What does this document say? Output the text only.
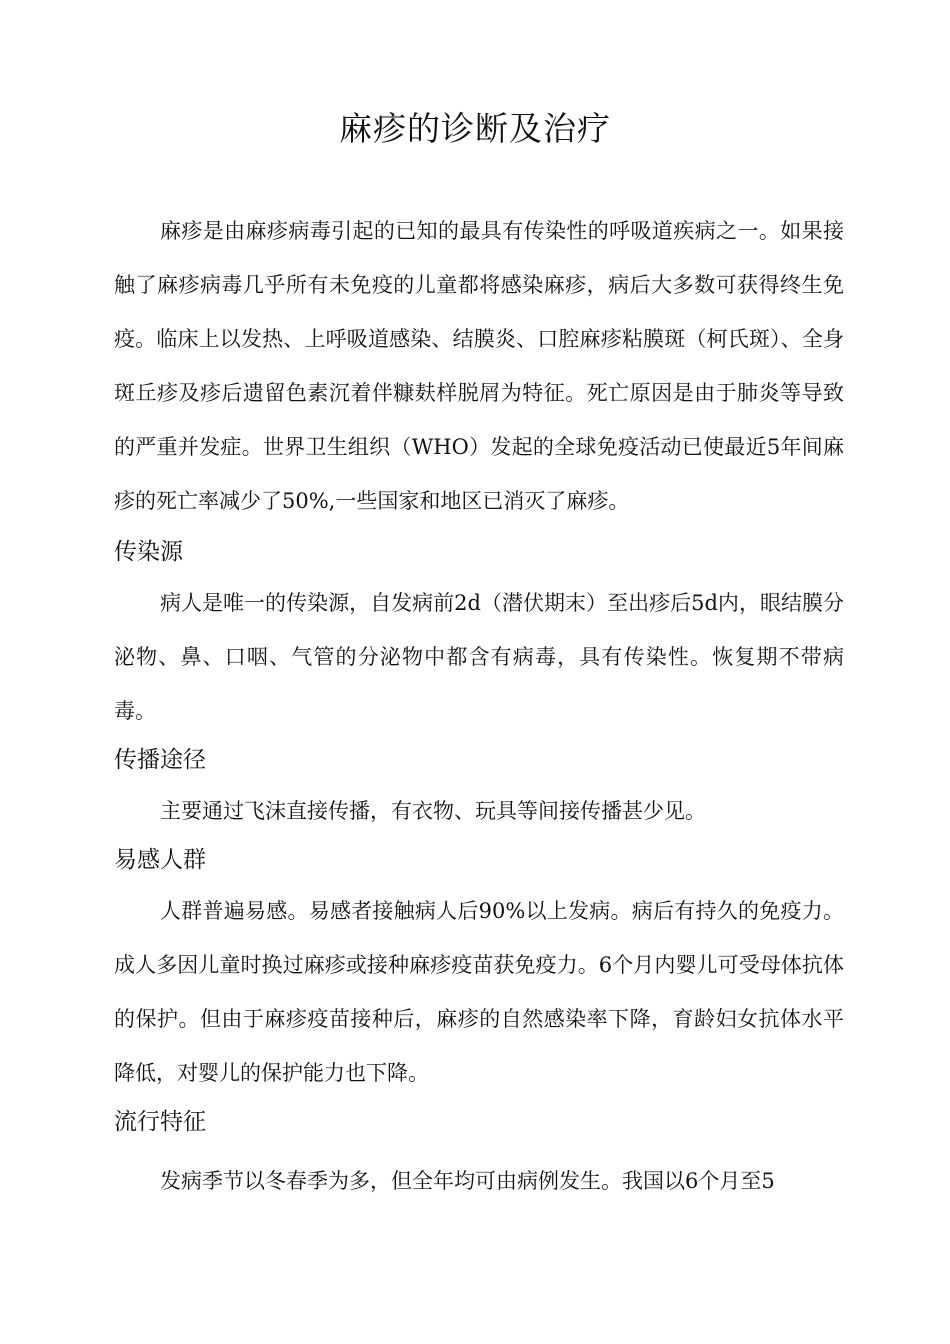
麻疹的诊断及治疗

麻疹是由麻疹病毒引起的已知的最具有传染性的呼吸道疾病之一。如果接触了麻疹病毒几乎所有未免疫的儿童都将感染麻疹，病后大多数可获得终生免疫。临床上以发热、上呼吸道感染、结膜炎、口腔麻疹粘膜斑（柯氏斑）、全身斑丘疹及疹后遗留色素沉着伴糠麸样脱屑为特征。死亡原因是由于肺炎等导致的严重并发症。世界卫生组织（WHO）发起的全球免疫活动已使最近5年间麻疹的死亡率减少了50%,一些国家和地区已消灭了麻疹。

传染源

病人是唯一的传染源，自发病前2d（潜伏期末）至出疹后5d内，眼结膜分泌物、鼻、口咽、气管的分泌物中都含有病毒，具有传染性。恢复期不带病毒。

传播途径

主要通过飞沫直接传播，有衣物、玩具等间接传播甚少见。

易感人群

人群普遍易感。易感者接触病人后90%以上发病。病后有持久的免疫力。成人多因儿童时换过麻疹或接种麻疹疫苗获免疫力。6个月内婴儿可受母体抗体的保护。但由于麻疹疫苗接种后，麻疹的自然感染率下降，育龄妇女抗体水平降低，对婴儿的保护能力也下降。

流行特征

发病季节以冬春季为多，但全年均可由病例发生。我国以6个月至5
